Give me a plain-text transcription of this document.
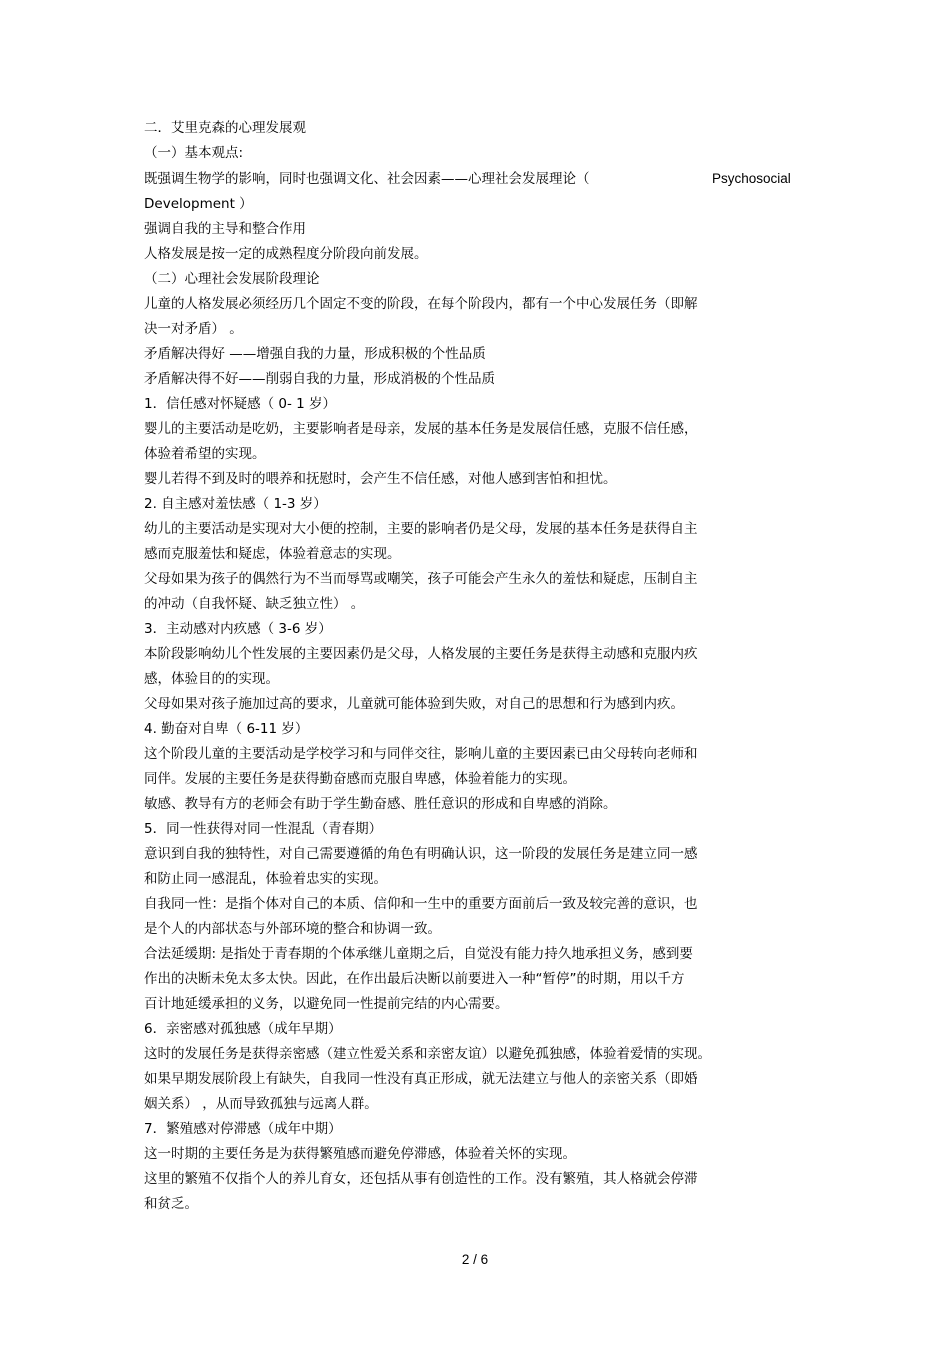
二．艾里克森的心理发展观
（一）基本观点:
既强调生物学的影响，同时也强调文化、社会因素——心理社会发展理论（
Development ）
强调自我的主导和整合作用
人格发展是按一定的成熟程度分阶段向前发展。
（二）心理社会发展阶段理论
儿童的人格发展必须经历几个固定不变的阶段，在每个阶段内，都有一个中心发展任务（即解
决一对矛盾） 。
矛盾解决得好 ——增强自我的力量，形成积极的个性品质
矛盾解决得不好——削弱自我的力量，形成消极的个性品质
1．信任感对怀疑感（ 0- 1 岁）
婴儿的主要活动是吃奶，主要影响者是母亲，发展的基本任务是发展信任感，克服不信任感，
体验着希望的实现。
婴儿若得不到及时的喂养和抚慰时，会产生不信任感，对他人感到害怕和担忧。
2. 自主感对羞怯感（ 1-3 岁）
幼儿的主要活动是实现对大小便的控制，主要的影响者仍是父母，发展的基本任务是获得自主
感而克服羞怯和疑虑，体验着意志的实现。
父母如果为孩子的偶然行为不当而辱骂或嘲笑，孩子可能会产生永久的羞怯和疑虑，压制自主
的冲动（自我怀疑、缺乏独立性） 。
3．主动感对内疚感（ 3-6 岁）
本阶段影响幼儿个性发展的主要因素仍是父母，人格发展的主要任务是获得主动感和克服内疚
感，体验目的的实现。
父母如果对孩子施加过高的要求，儿童就可能体验到失败，对自己的思想和行为感到内疚。
4. 勤奋对自卑（ 6-11 岁）
这个阶段儿童的主要活动是学校学习和与同伴交往，影响儿童的主要因素已由父母转向老师和
同伴。发展的主要任务是获得勤奋感而克服自卑感，体验着能力的实现。
敏感、教导有方的老师会有助于学生勤奋感、胜任意识的形成和自卑感的消除。
5．同一性获得对同一性混乱（青春期）
意识到自我的独特性，对自己需要遵循的角色有明确认识，这一阶段的发展任务是建立同一感
和防止同一感混乱，体验着忠实的实现。
自我同一性：是指个体对自己的本质、信仰和一生中的重要方面前后一致及较完善的意识，也
是个人的内部状态与外部环境的整合和协调一致。
合法延缓期: 是指处于青春期的个体承继儿童期之后，自觉没有能力持久地承担义务，感到要
作出的决断未免太多太快。因此，在作出最后决断以前要进入一种“暂停”的时期，用以千方
百计地延缓承担的义务，以避免同一性提前完结的内心需要。
6．亲密感对孤独感（成年早期）
这时的发展任务是获得亲密感（建立性爱关系和亲密友谊）以避免孤独感，体验着爱情的实现。
如果早期发展阶段上有缺失，自我同一性没有真正形成，就无法建立与他人的亲密关系（即婚
姻关系） ，从而导致孤独与远离人群。
7．繁殖感对停滞感（成年中期）
这一时期的主要任务是为获得繁殖感而避免停滞感，体验着关怀的实现。
这里的繁殖不仅指个人的养儿育女，还包括从事有创造性的工作。没有繁殖，其人格就会停滞
和贫乏。
Psychosocial
2 / 6
